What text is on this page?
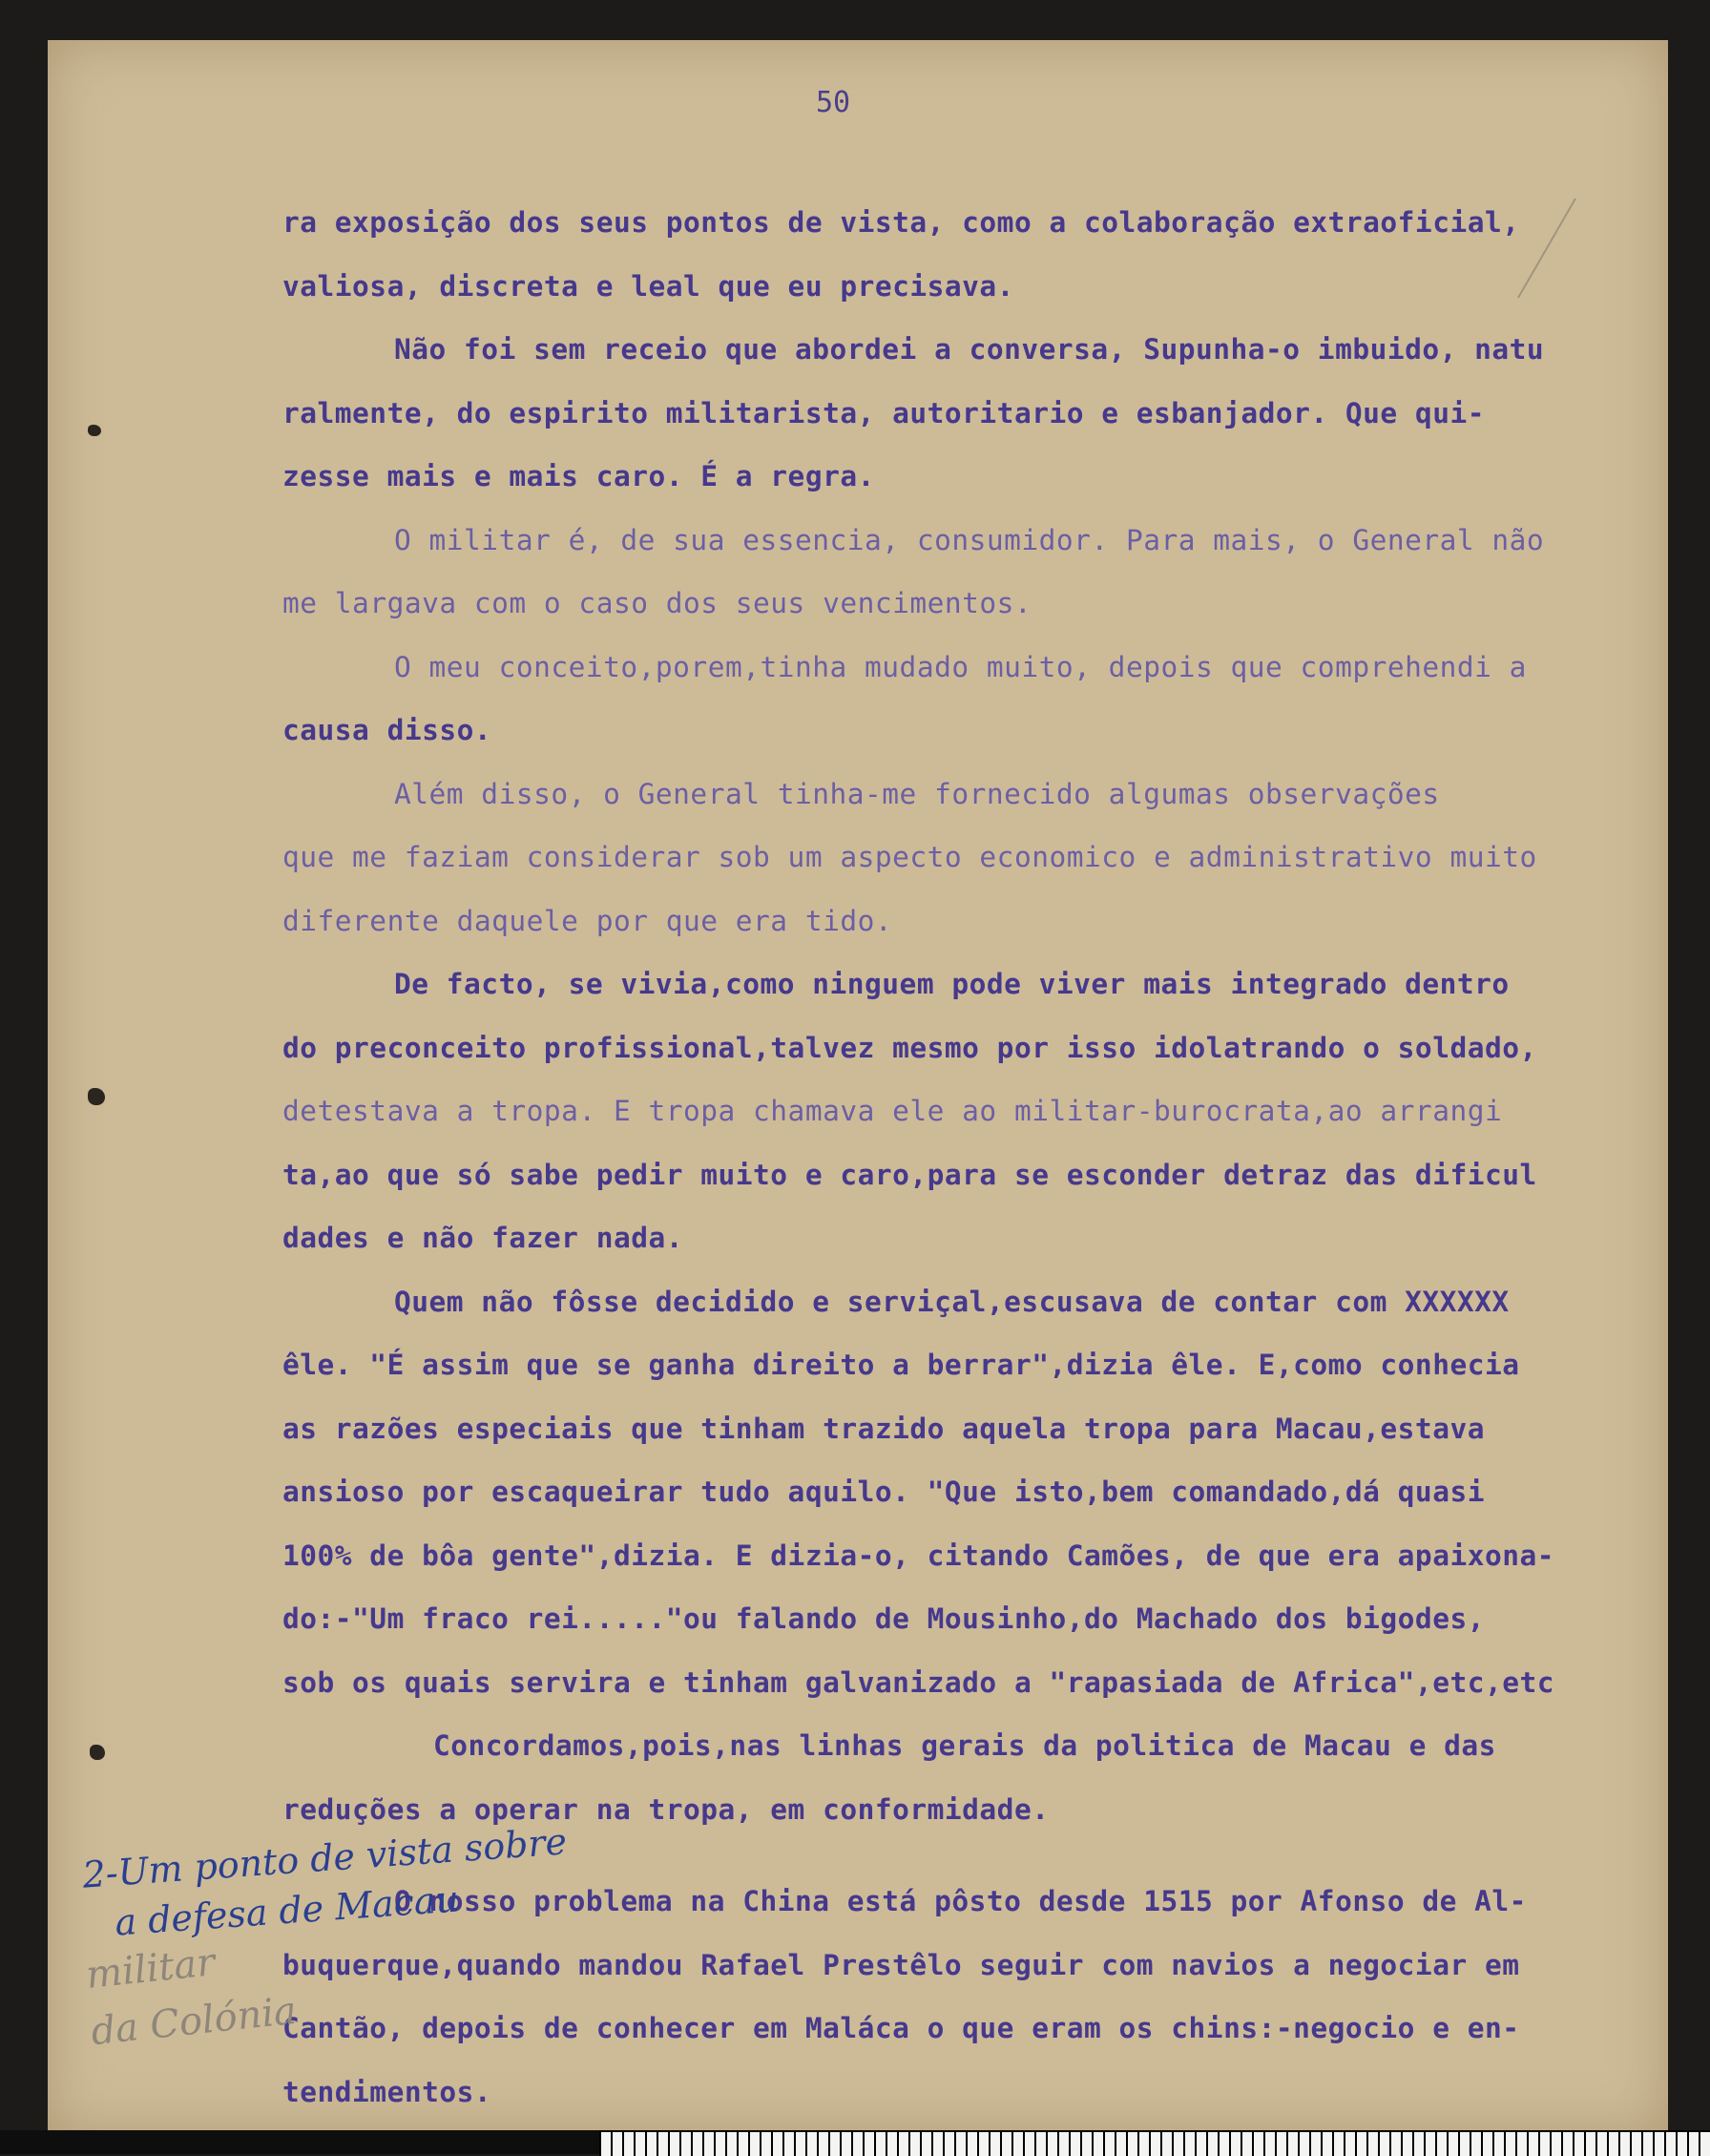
50
ra exposição dos seus pontos de vista, como a colaboração extraoficial,
valiosa, discreta e leal que eu precisava.
Não foi sem receio que abordei a conversa, Supunha-o imbuido, natu
ralmente, do espirito militarista, autoritario e esbanjador. Que qui-
zesse mais e mais caro. É a regra.
O militar é, de sua essencia, consumidor. Para mais, o General não
me largava com o caso dos seus vencimentos.
O meu conceito,porem,tinha mudado muito, depois que comprehendi a
causa disso.
Além disso, o General tinha-me fornecido algumas observações
que me faziam considerar sob um aspecto economico e administrativo muito
diferente daquele por que era tido.
De facto, se vivia,como ninguem pode viver mais integrado dentro
do preconceito profissional,talvez mesmo por isso idolatrando o soldado,
detestava a tropa. E tropa chamava ele ao militar-burocrata,ao arrangi
ta,ao que só sabe pedir muito e caro,para se esconder detraz das dificul
dades e não fazer nada.
Quem não fôsse decidido e serviçal,escusava de contar com XXXXXX
êle. "É assim que se ganha direito a berrar",dizia êle. E,como conhecia
as razões especiais que tinham trazido aquela tropa para Macau,estava
ansioso por escaqueirar tudo aquilo. "Que isto,bem comandado,dá quasi
100% de bôa gente",dizia. E dizia-o, citando Camões, de que era apaixona-
do:-"Um fraco rei....."ou falando de Mousinho,do Machado dos bigodes,
sob os quais servira e tinham galvanizado a "rapasiada de Africa",etc,etc
Concordamos,pois,nas linhas gerais da politica de Macau e das
reduções a operar na tropa, em conformidade.
O nosso problema na China está pôsto desde 1515 por Afonso de Al-
buquerque,quando mandou Rafael Prestêlo seguir com navios a negociar em
Cantão, depois de conhecer em Maláca o que eram os chins:-negocio e en-
tendimentos.
2-Um ponto de vista sobre
a defesa de Macau
militar
da Colónia
